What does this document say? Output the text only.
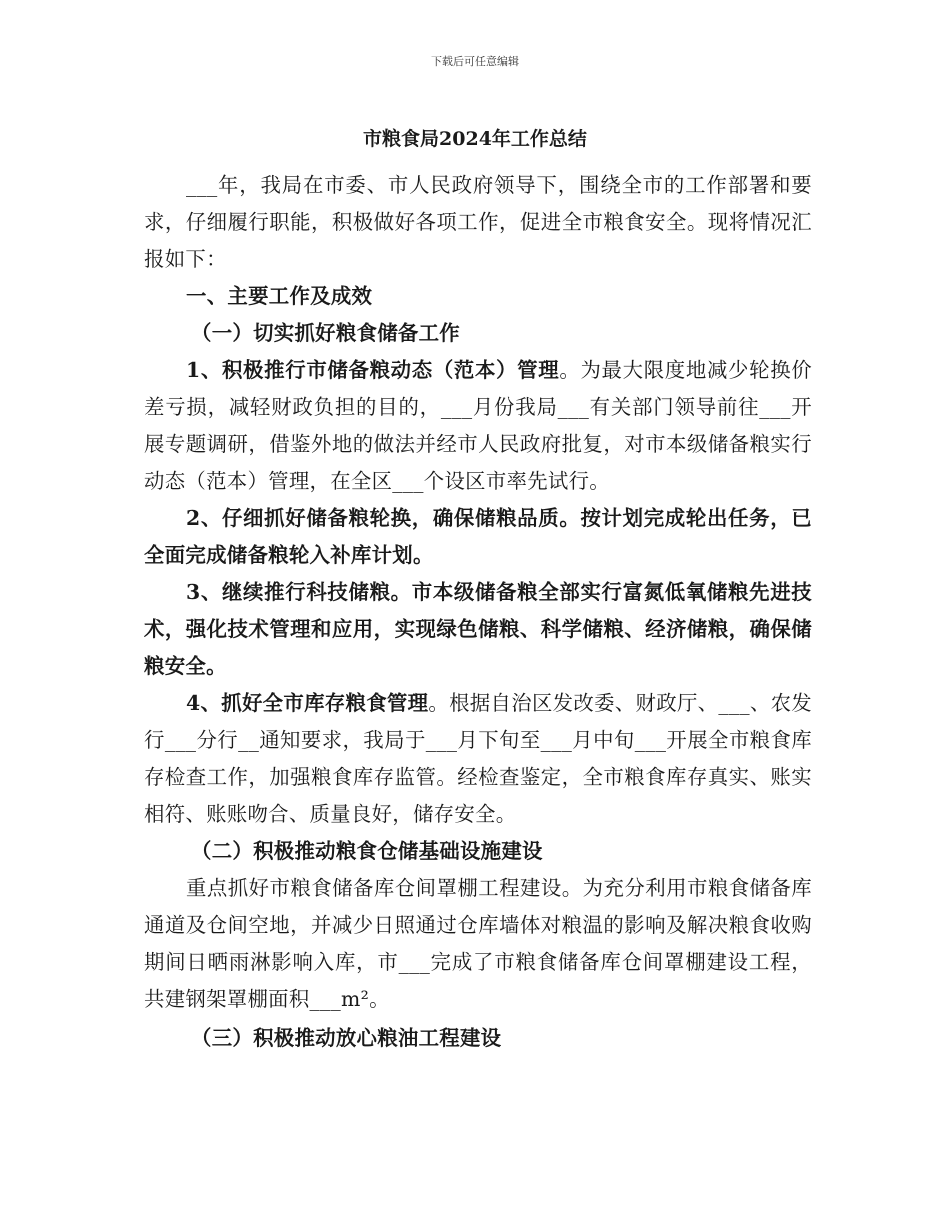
下载后可任意编辑
市粮食局2024年工作总结

___年，我局在市委、市人民政府领导下，围绕全市的工作部署和要求，仔细履行职能，积极做好各项工作，促进全市粮食安全。现将情况汇报如下：

一、主要工作及成效

（一）切实抓好粮食储备工作

1、积极推行市储备粮动态（范本）管理。为最大限度地减少轮换价差亏损，减轻财政负担的目的，___月份我局___有关部门领导前往___开展专题调研，借鉴外地的做法并经市人民政府批复，对市本级储备粮实行动态（范本）管理，在全区___个设区市率先试行。

2、仔细抓好储备粮轮换，确保储粮品质。按计划完成轮出任务，已全面完成储备粮轮入补库计划。

3、继续推行科技储粮。市本级储备粮全部实行富氮低氧储粮先进技术，强化技术管理和应用，实现绿色储粮、科学储粮、经济储粮，确保储粮安全。

4、抓好全市库存粮食管理。根据自治区发改委、财政厅、___、农发行___分行__通知要求，我局于___月下旬至___月中旬___开展全市粮食库存检查工作，加强粮食库存监管。经检查鉴定，全市粮食库存真实、账实相符、账账吻合、质量良好，储存安全。

（二）积极推动粮食仓储基础设施建设

重点抓好市粮食储备库仓间罩棚工程建设。为充分利用市粮食储备库通道及仓间空地，并减少日照通过仓库墙体对粮温的影响及解决粮食收购期间日晒雨淋影响入库，市___完成了市粮食储备库仓间罩棚建设工程，共建钢架罩棚面积___m²。

（三）积极推动放心粮油工程建设
